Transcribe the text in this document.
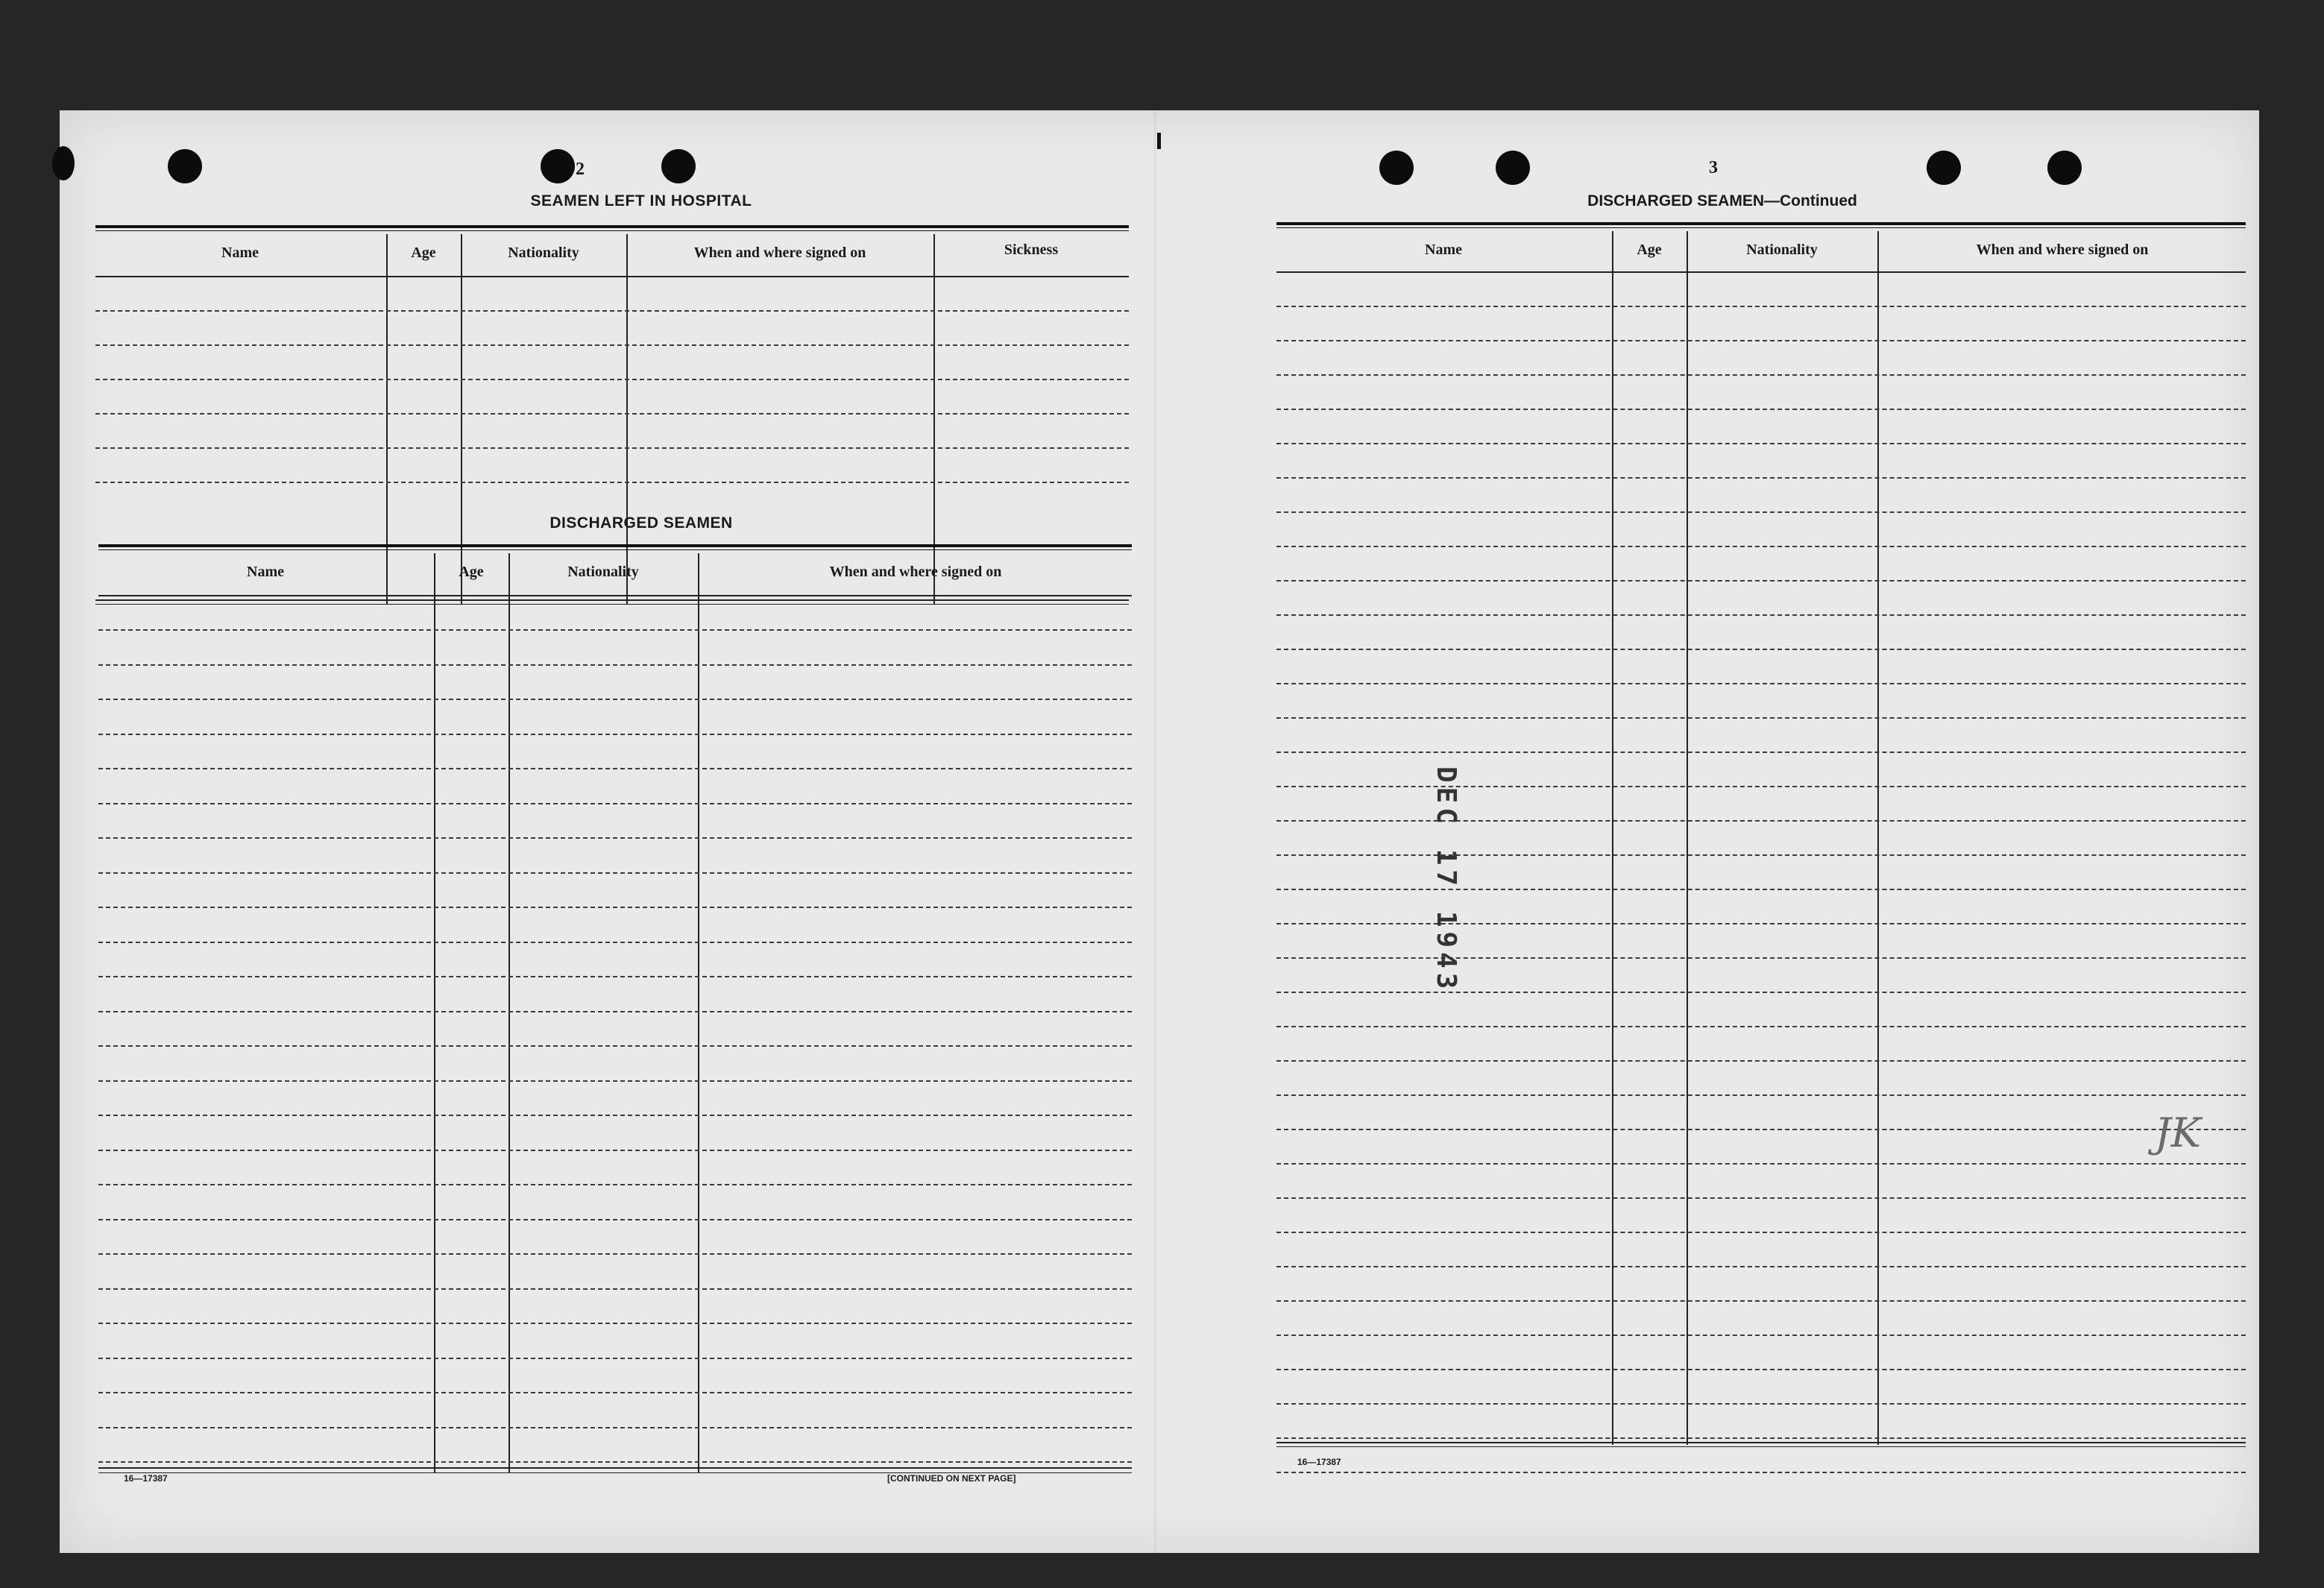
2
SEAMEN LEFT IN HOSPITAL
Name	Age	Nationality	When and where signed on	Sickness
DISCHARGED SEAMEN
Name	Age	Nationality	When and where signed on
16—17387	[CONTINUED ON NEXT PAGE]
3
DISCHARGED SEAMEN—Continued
Name	Age	Nationality	When and where signed on
16—17387
JK
DEC 17 1943
